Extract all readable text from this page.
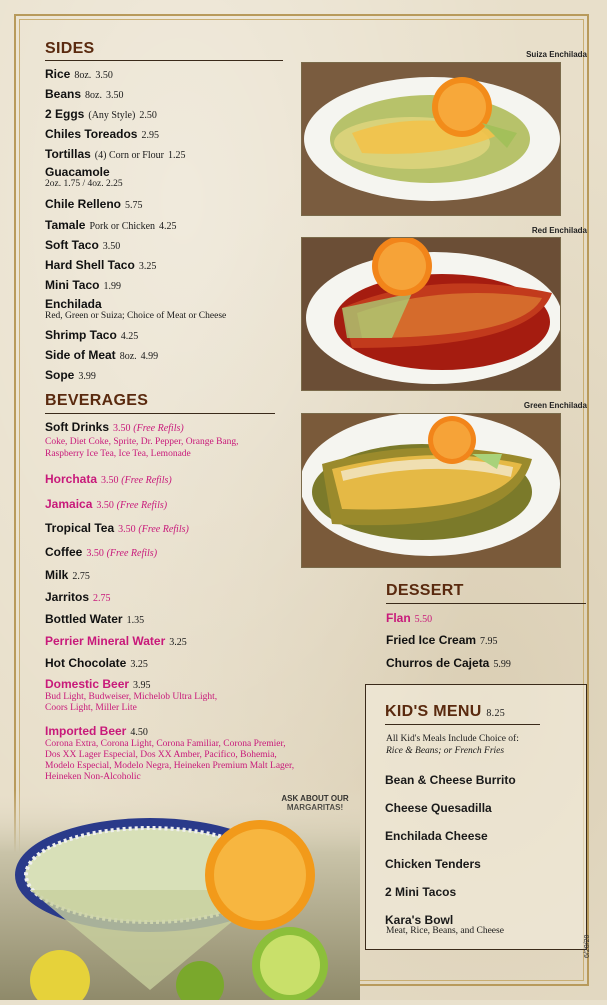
SIDES
Rice 8oz. 3.50
Beans 8oz. 3.50
2 Eggs (Any Style) 2.50
Chiles Toreados 2.95
Tortillas (4) Corn or Flour 1.25
Guacamole
2oz. 1.75 / 4oz. 2.25
Chile Relleno 5.75
Tamale Pork or Chicken 4.25
Soft Taco 3.50
Hard Shell Taco 3.25
Mini Taco 1.99
Enchilada
Red, Green or Suiza; Choice of Meat or Cheese
Shrimp Taco 4.25
Side of Meat 8oz. 4.99
Sope 3.99
BEVERAGES
Soft Drinks 3.50 (Free Refils)
Coke, Diet Coke, Sprite, Dr. Pepper, Orange Bang,
Raspberry Ice Tea, Ice Tea, Lemonade
Horchata 3.50 (Free Refils)
Jamaica 3.50 (Free Refils)
Tropical Tea 3.50 (Free Refils)
Coffee 3.50 (Free Refils)
Milk 2.75
Jarritos 2.75
Bottled Water 1.35
Perrier Mineral Water 3.25
Hot Chocolate 3.25
Domestic Beer 3.95
Bud Light, Budweiser, Michelob Ultra Light,
Coors Light, Miller Lite
Imported Beer 4.50
Corona Extra, Corona Light, Corona Familiar, Corona Premier,
Dos XX Lager Especial, Dos XX Amber, Pacifico, Bohemia,
Modelo Especial, Modelo Negra, Heineken Premium Malt Lager,
Heineken Non-Alcoholic
Suiza Enchilada
Red Enchilada
Green Enchilada
DESSERT
Flan 5.50
Fried Ice Cream 7.95
Churros de Cajeta 5.99
KID'S MENU 8.25
All Kid's Meals Include Choice of:
Rice & Beans; or French Fries
Bean & Cheese Burrito
Cheese Quesadilla
Enchilada Cheese
Chicken Tenders
2 Mini Tacos
Kara's Bowl
Meat, Rice, Beans, and Cheese
6/20/20
